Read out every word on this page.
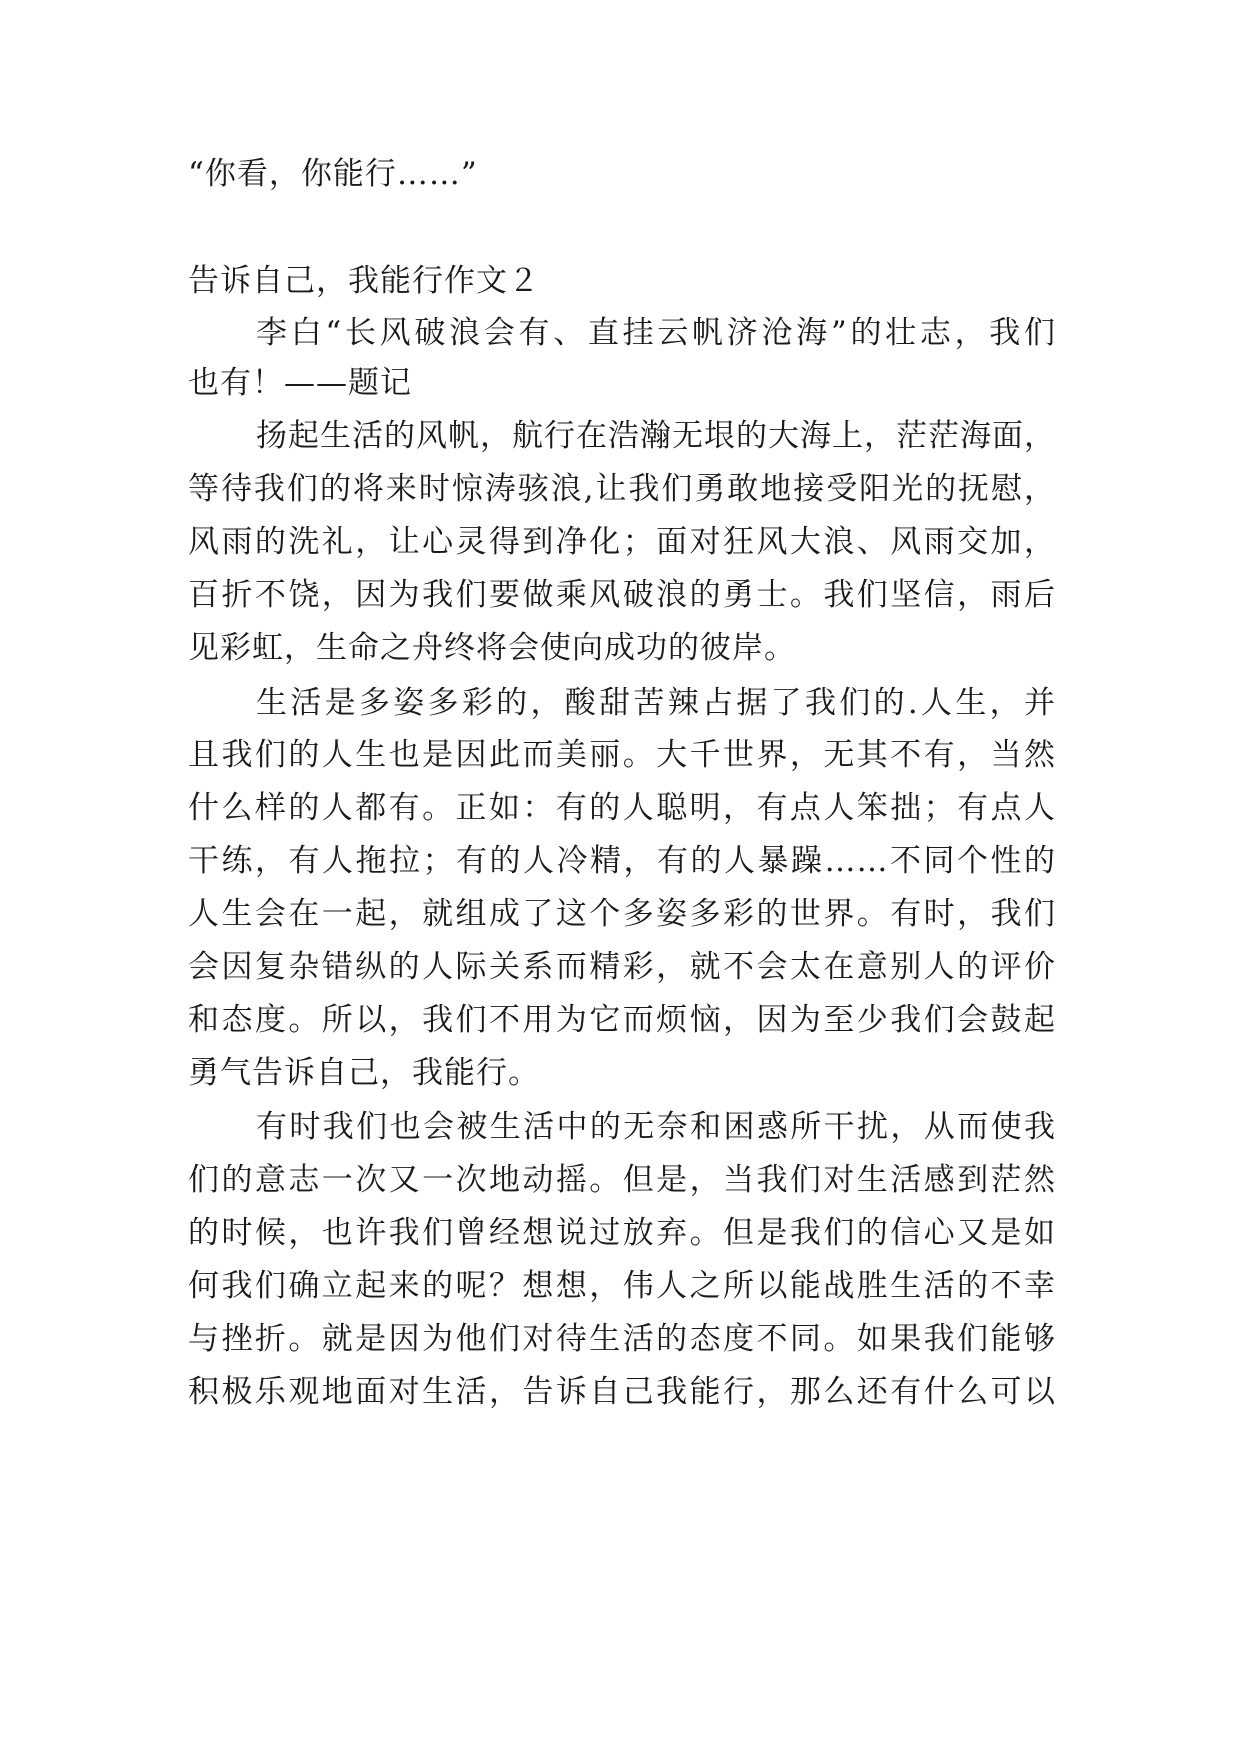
“你看，你能行……”
告诉自己，我能行作文２
李白“长风破浪会有、直挂云帆济沧海”的壮志，我们
也有！——题记
扬起生活的风帆，航行在浩瀚无垠的大海上，茫茫海面，
等待我们的将来时惊涛骇浪,让我们勇敢地接受阳光的抚慰，
风雨的洗礼，让心灵得到净化；面对狂风大浪、风雨交加，
百折不饶，因为我们要做乘风破浪的勇士。我们坚信，雨后
见彩虹，生命之舟终将会使向成功的彼岸。
生活是多姿多彩的，酸甜苦辣占据了我们的.人生，并
且我们的人生也是因此而美丽。大千世界，无其不有，当然
什么样的人都有。正如：有的人聪明，有点人笨拙；有点人
干练，有人拖拉；有的人冷精，有的人暴躁……不同个性的
人生会在一起，就组成了这个多姿多彩的世界。有时，我们
会因复杂错纵的人际关系而精彩，就不会太在意别人的评价
和态度。所以，我们不用为它而烦恼，因为至少我们会鼓起
勇气告诉自己，我能行。
有时我们也会被生活中的无奈和困惑所干扰，从而使我
们的意志一次又一次地动摇。但是，当我们对生活感到茫然
的时候，也许我们曾经想说过放弃。但是我们的信心又是如
何我们确立起来的呢？想想，伟人之所以能战胜生活的不幸
与挫折。就是因为他们对待生活的态度不同。如果我们能够
积极乐观地面对生活，告诉自己我能行，那么还有什么可以
